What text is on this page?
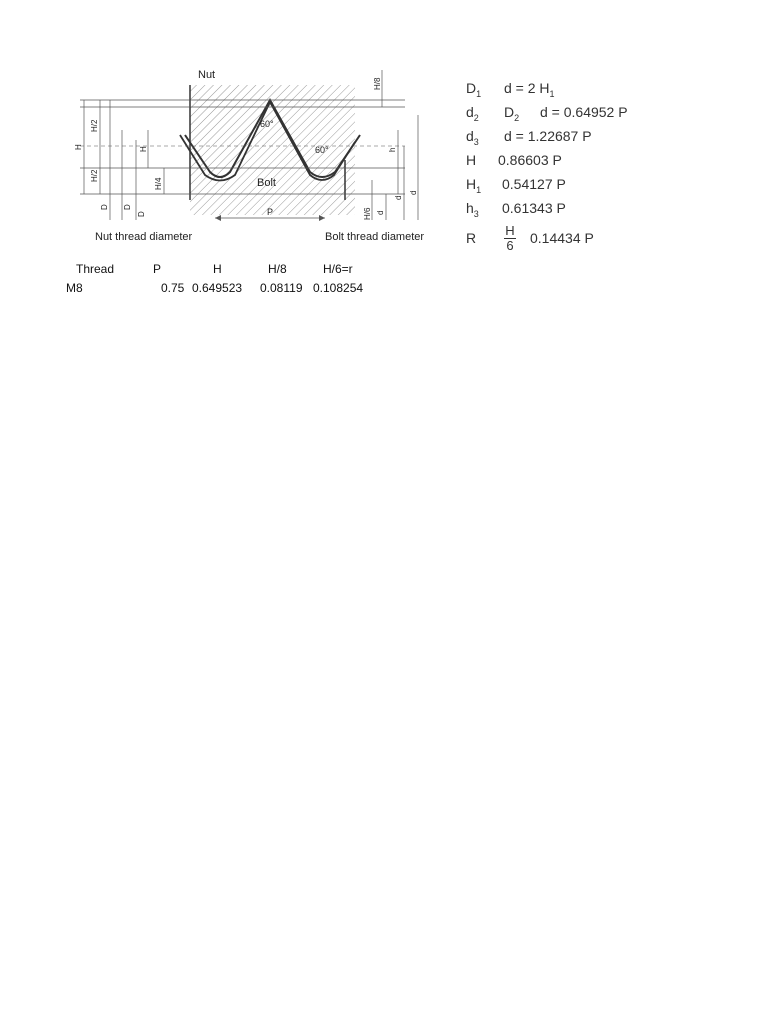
Nut
Bolt
60°
60°
P
H
H/2
H/2
D D
D
H
H/4
H/8
h
H/6 d
d
d
Nut thread diameter	Bolt thread diameter
$D_1$ d = 2 $H_1$
$d_2$ $D_2$ d = 0.64952 P
$d_3$ d = 1.22687 P
H 0.86603 P
$H_1$ 0.54127 P
$h_3$ 0.61343 P
R $\frac{H}{6} 0.14434$ P
Thread	P	H	H/8	H/6=r
M8	0.75 0.649523 0.08119 0.108254
